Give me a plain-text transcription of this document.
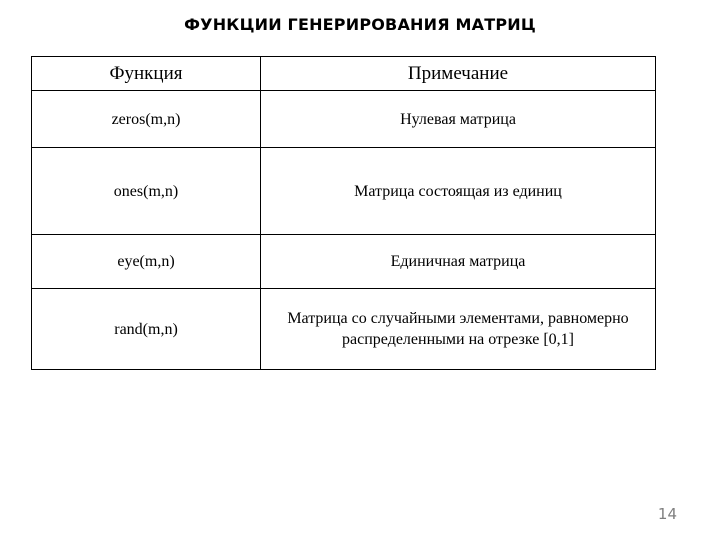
ФУНКЦИИ ГЕНЕРИРОВАНИЯ МАТРИЦ
Функция	Примечание
zeros(m,n)	Нулевая матрица
ones(m,n)	Матрица состоящая из единиц
eye(m,n)	Единичная матрица
rand(m,n)	Матрица со случайными элементами, равномерно распределенными на отрезке [0,1]
14
